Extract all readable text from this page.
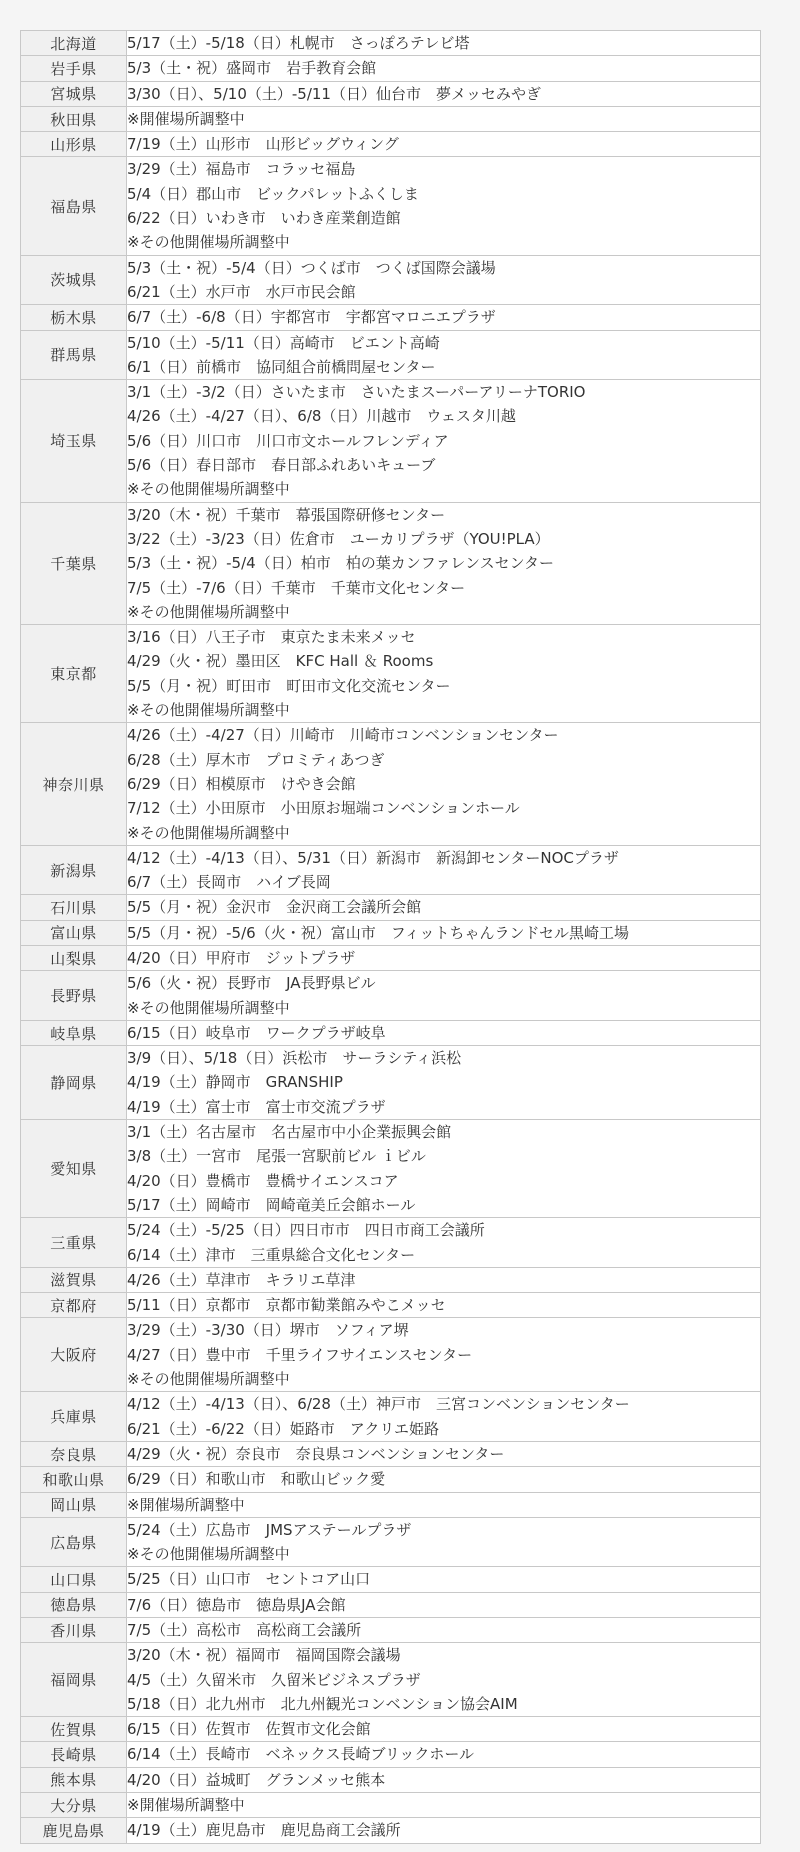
北海道	5/17（土）-5/18（日）札幌市　さっぽろテレビ塔

岩手県	5/3（土・祝）盛岡市　岩手教育会館

宮城県	3/30（日）、5/10（土）-5/11（日）仙台市　夢メッセみやぎ

秋田県	※開催場所調整中

山形県	7/19（土）山形市　山形ビッグウィング

福島県	3/29（土）福島市　コラッセ福島
5/4（日）郡山市　ビックパレットふくしま
6/22（日）いわき市　いわき産業創造館
※その他開催場所調整中

茨城県	5/3（土・祝）-5/4（日）つくば市　つくば国際会議場
6/21（土）水戸市　水戸市民会館

栃木県	6/7（土）-6/8（日）宇都宮市　宇都宮マロニエプラザ

群馬県	5/10（土）-5/11（日）高崎市　ビエント高崎
6/1（日）前橋市　協同組合前橋問屋センター

埼玉県	3/1（土）-3/2（日）さいたま市　さいたまスーパーアリーナTORIO
4/26（土）-4/27（日）、6/8（日）川越市　ウェスタ川越
5/6（日）川口市　川口市文ホールフレンディア
5/6（日）春日部市　春日部ふれあいキューブ
※その他開催場所調整中

千葉県	3/20（木・祝）千葉市　幕張国際研修センター
3/22（土）-3/23（日）佐倉市　ユーカリプラザ（YOU!PLA）
5/3（土・祝）-5/4（日）柏市　柏の葉カンファレンスセンター
7/5（土）-7/6（日）千葉市　千葉市文化センター
※その他開催場所調整中

東京都	3/16（日）八王子市　東京たま未来メッセ
4/29（火・祝）墨田区　KFC Hall ＆ Rooms
5/5（月・祝）町田市　町田市文化交流センター
※その他開催場所調整中

神奈川県	4/26（土）-4/27（日）川崎市　川崎市コンベンションセンター
6/28（土）厚木市　プロミティあつぎ
6/29（日）相模原市　けやき会館
7/12（土）小田原市　小田原お堀端コンベンションホール
※その他開催場所調整中

新潟県	4/12（土）-4/13（日）、5/31（日）新潟市　新潟卸センターNOCプラザ
6/7（土）長岡市　ハイブ長岡

石川県	5/5（月・祝）金沢市　金沢商工会議所会館

富山県	5/5（月・祝）-5/6（火・祝）富山市　フィットちゃんランドセル黒崎工場

山梨県	4/20（日）甲府市　ジットプラザ

長野県	5/6（火・祝）長野市　JA長野県ビル
※その他開催場所調整中

岐阜県	6/15（日）岐阜市　ワークプラザ岐阜

静岡県	3/9（日）、5/18（日）浜松市　サーラシティ浜松
4/19（土）静岡市　GRANSHIP
4/19（土）富士市　富士市交流プラザ

愛知県	3/1（土）名古屋市　名古屋市中小企業振興会館
3/8（土）一宮市　尾張一宮駅前ビル ｉビル
4/20（日）豊橋市　豊橋サイエンスコア
5/17（土）岡崎市　岡崎竜美丘会館ホール

三重県	5/24（土）-5/25（日）四日市市　四日市商工会議所
6/14（土）津市　三重県総合文化センター

滋賀県	4/26（土）草津市　キラリエ草津

京都府	5/11（日）京都市　京都市勧業館みやこメッセ

大阪府	3/29（土）-3/30（日）堺市　ソフィア堺
4/27（日）豊中市　千里ライフサイエンスセンター
※その他開催場所調整中

兵庫県	4/12（土）-4/13（日）、6/28（土）神戸市　三宮コンベンションセンター
6/21（土）-6/22（日）姫路市　アクリエ姫路

奈良県	4/29（火・祝）奈良市　奈良県コンベンションセンター

和歌山県	6/29（日）和歌山市　和歌山ビック愛

岡山県	※開催場所調整中

広島県	5/24（土）広島市　JMSアステールプラザ
※その他開催場所調整中

山口県	5/25（日）山口市　セントコア山口

徳島県	7/6（日）徳島市　徳島県JA会館

香川県	7/5（土）高松市　高松商工会議所

福岡県	3/20（木・祝）福岡市　福岡国際会議場
4/5（土）久留米市　久留米ビジネスプラザ
5/18（日）北九州市　北九州観光コンベンション協会AIM

佐賀県	6/15（日）佐賀市　佐賀市文化会館

長崎県	6/14（土）長崎市　ベネックス長崎ブリックホール

熊本県	4/20（日）益城町　グランメッセ熊本

大分県	※開催場所調整中

鹿児島県	4/19（土）鹿児島市　鹿児島商工会議所
